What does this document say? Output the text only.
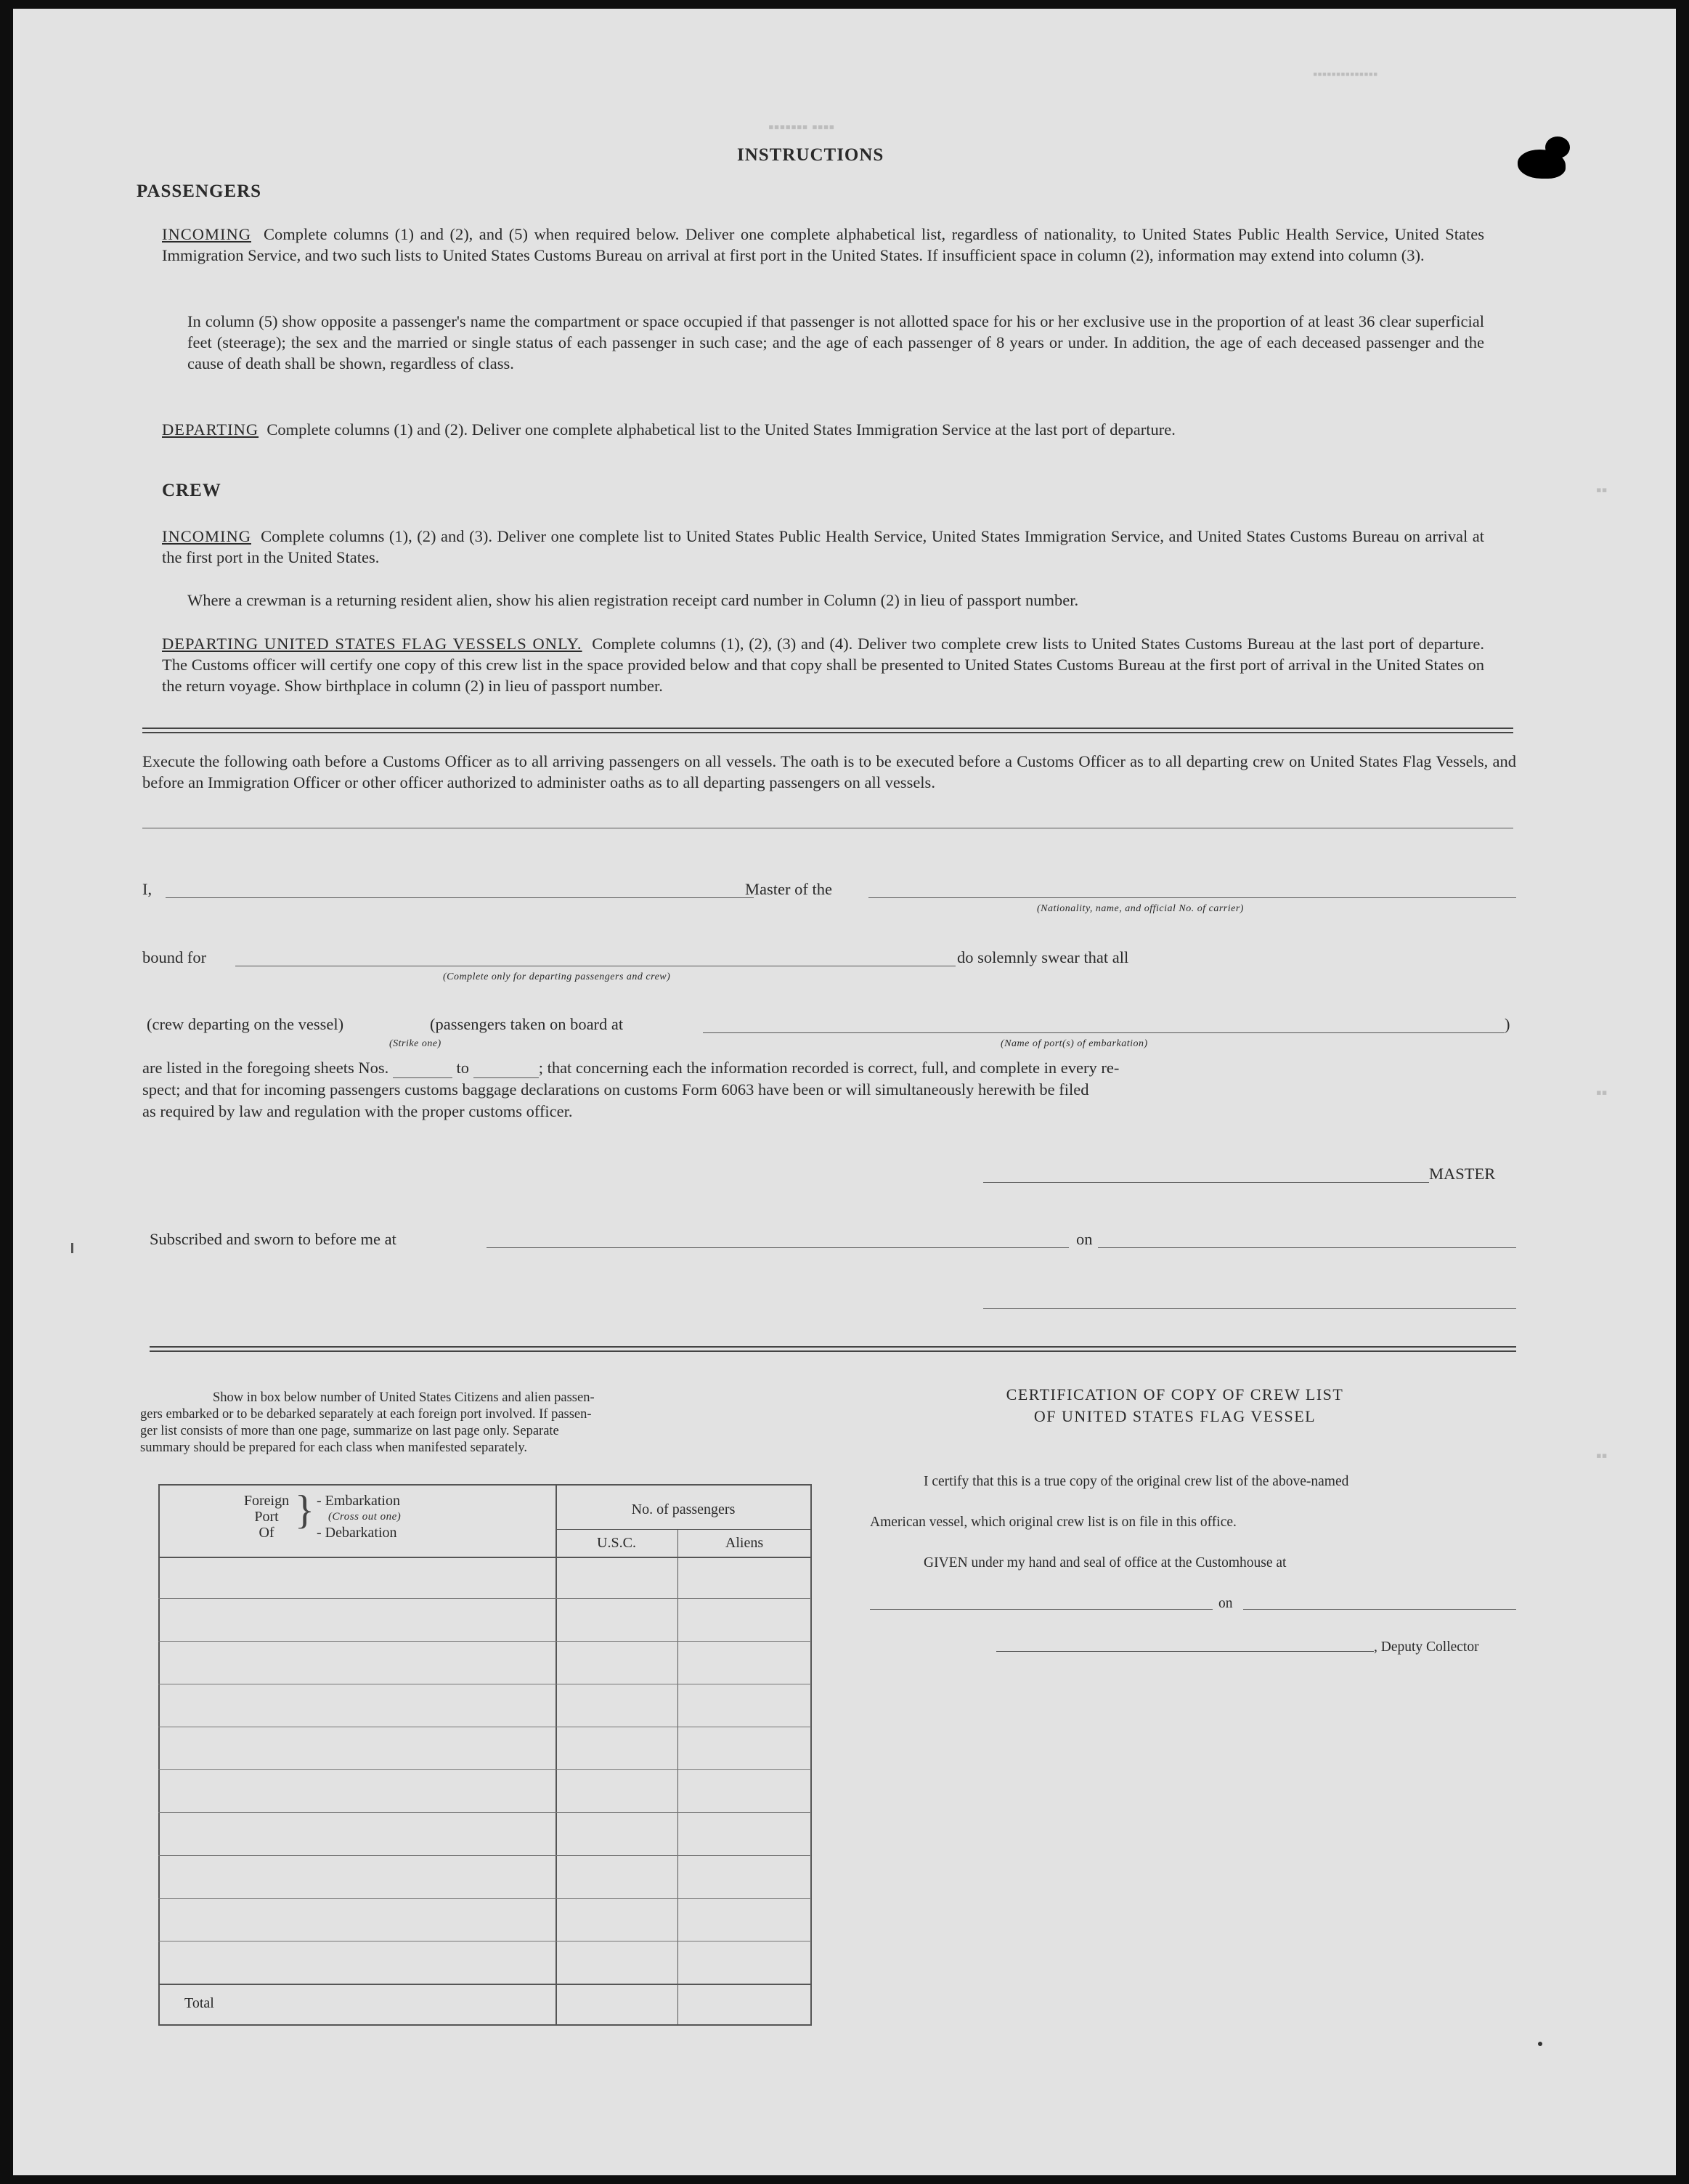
▪▪▪▪▪▪▪▪▪▪▪▪▪▪
▪▪▪▪▪▪▪ ▪▪▪▪
▪▪
▪▪
▪▪
INSTRUCTIONS
PASSENGERS
INCOMING Complete columns (1) and (2), and (5) when required below. Deliver one complete alphabetical list, regardless of nationality, to United States Public Health Service, United States Immigration Service, and two such lists to United States Customs Bureau on arrival at first port in the United States. If insufficient space in column (2), information may extend into column (3).
In column (5) show opposite a passenger's name the compartment or space occupied if that passenger is not allotted space for his or her exclusive use in the proportion of at least 36 clear superficial feet (steerage); the sex and the married or single status of each passenger in such case; and the age of each passenger of 8 years or under. In addition, the age of each deceased passenger and the cause of death shall be shown, regardless of class.
DEPARTING Complete columns (1) and (2). Deliver one complete alphabetical list to the United States Immigration Service at the last port of departure.
CREW
INCOMING Complete columns (1), (2) and (3). Deliver one complete list to United States Public Health Service, United States Immigration Service, and United States Customs Bureau on arrival at the first port in the United States.
Where a crewman is a returning resident alien, show his alien registration receipt card number in Column (2) in lieu of passport number.
DEPARTING UNITED STATES FLAG VESSELS ONLY. Complete columns (1), (2), (3) and (4). Deliver two complete crew lists to United States Customs Bureau at the last port of departure. The Customs officer will certify one copy of this crew list in the space provided below and that copy shall be presented to United States Customs Bureau at the first port of arrival in the United States on the return voyage. Show birthplace in column (2) in lieu of passport number.
Execute the following oath before a Customs Officer as to all arriving passengers on all vessels. The oath is to be executed before a Customs Officer as to all departing crew on United States Flag Vessels, and before an Immigration Officer or other officer authorized to administer oaths as to all departing passengers on all vessels.
I,	Master of the
(Nationality, name, and official No. of carrier)
bound for	do solemnly swear that all
(Complete only for departing passengers and crew)
(crew departing on the vessel)	(passengers taken on board at	)
(Strike one)	(Name of port(s) of embarkation)
are listed in the foregoing sheets Nos.	to	; that concerning each the information recorded is correct, full, and complete in every re-
spect; and that for incoming passengers customs baggage declarations on customs Form 6063 have been or will simultaneously herewith be filed
as required by law and regulation with the proper customs officer.
MASTER
Subscribed and sworn to before me at	on
Show in box below number of United States Citizens and alien passen-
gers embarked or to be debarked separately at each foreign port involved. If passen-
ger list consists of more than one page, summarize on last page only. Separate
summary should be prepared for each class when manifested separately.
Foreign
Port
Of } - Embarkation
(Cross out one)
- Debarkation
No. of passengers
U.S.C.	Aliens
Total
CERTIFICATION OF COPY OF CREW LIST
OF UNITED STATES FLAG VESSEL
I certify that this is a true copy of the original crew list of the above-named
American vessel, which original crew list is on file in this office.
GIVEN under my hand and seal of office at the Customhouse at
on
, Deputy Collector
